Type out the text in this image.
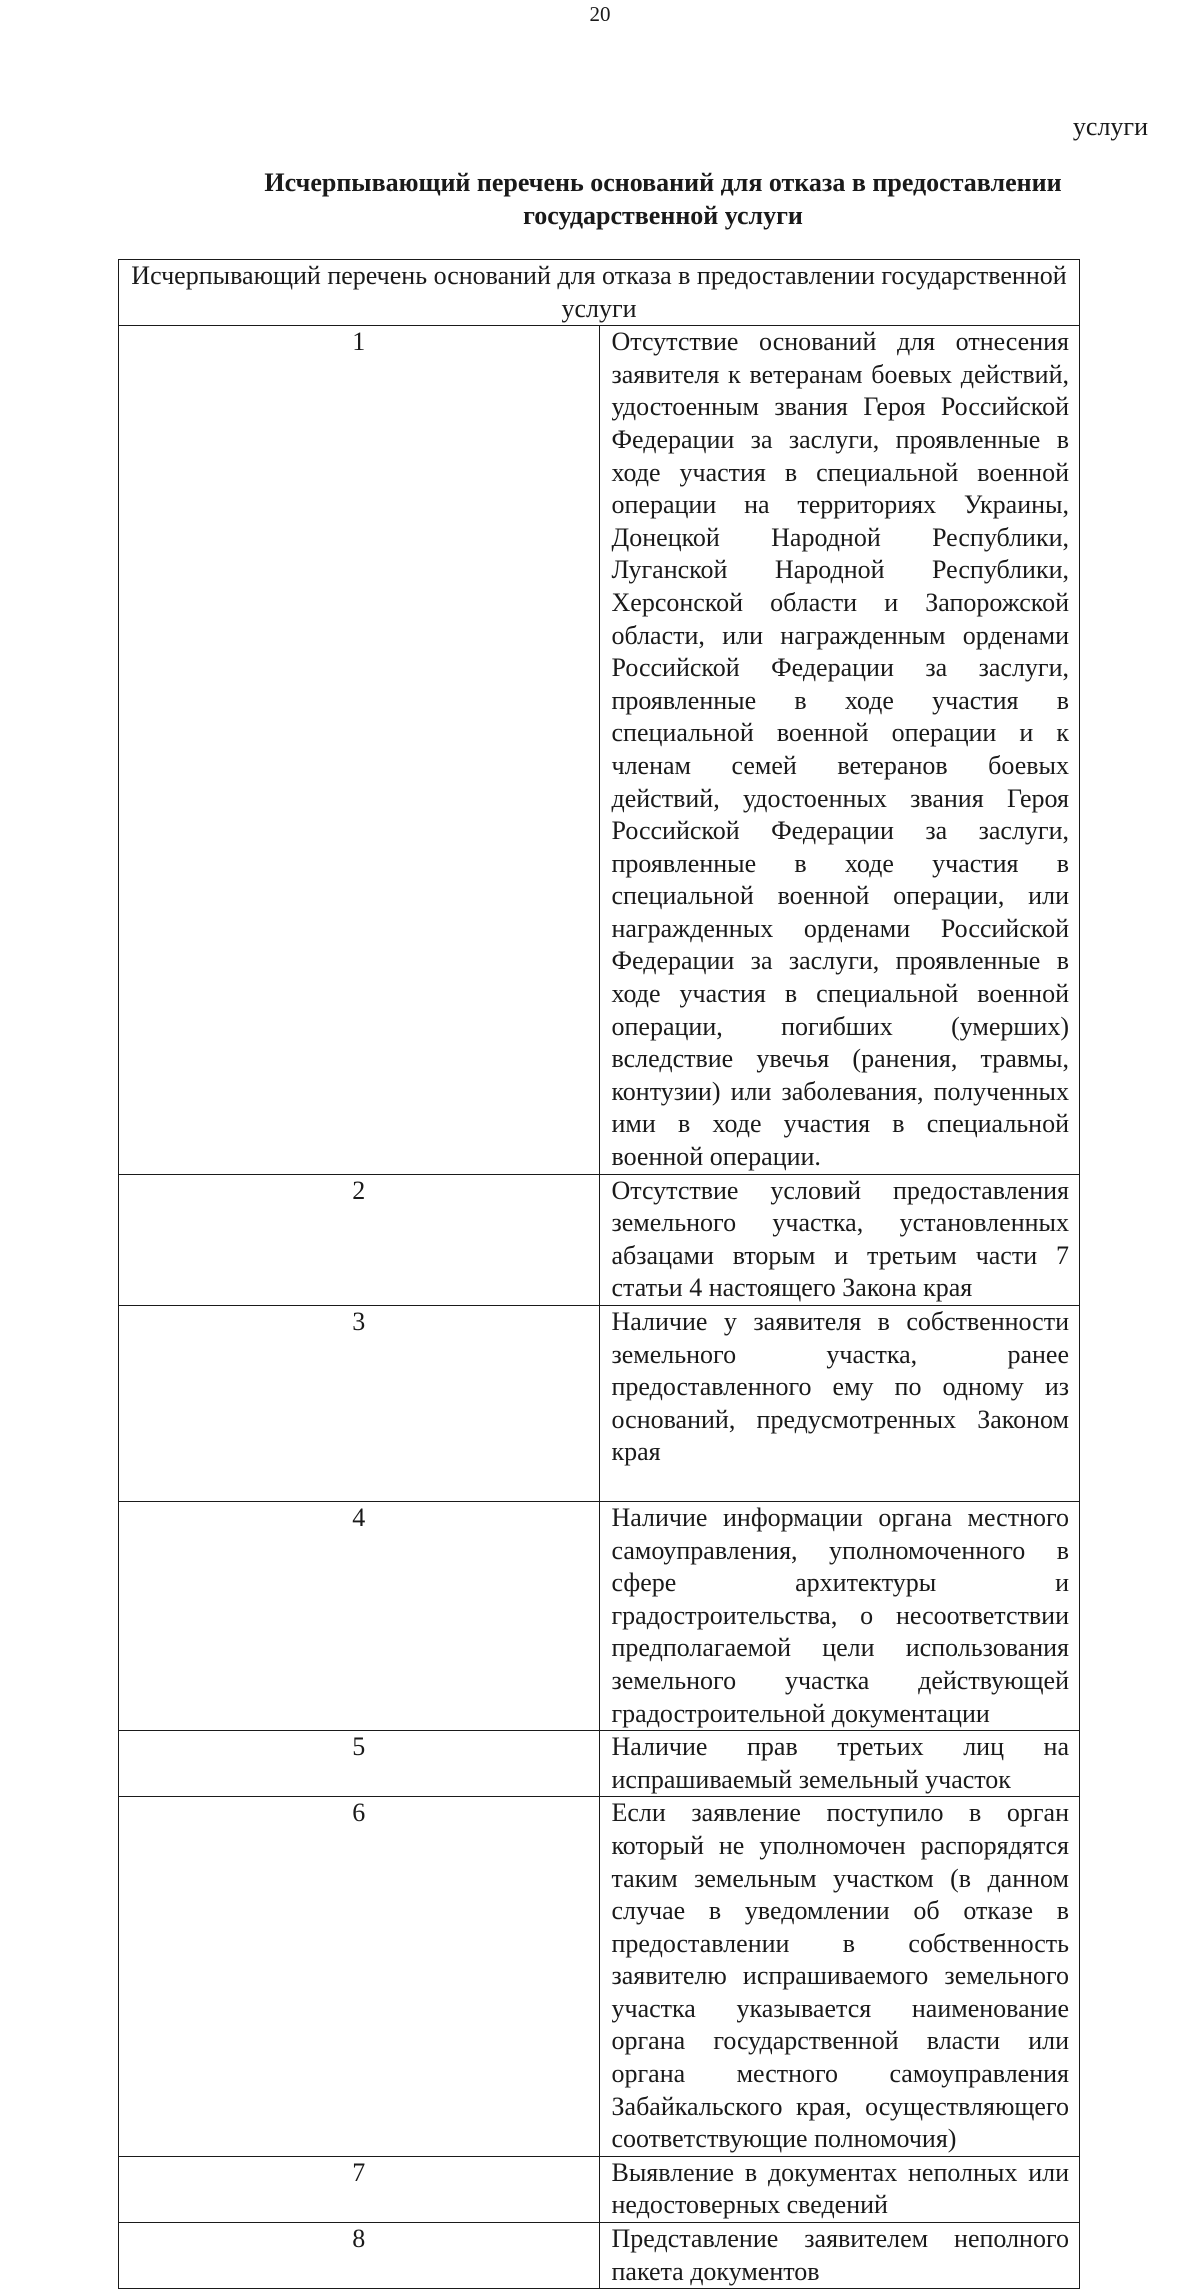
20
услуги
Исчерпывающий перечень оснований для отказа в предоставлении государственной услуги
Исчерпывающий перечень оснований для отказа в предоставлении государственной услуги	
1	Отсутствие оснований для отнесения заявителя к ветеранам боевых действий, удостоенным звания Героя Российской Федерации за заслуги, проявленные в ходе участия в специальной военной операции на территориях Украины, Донецкой Народной Республики, Луганской Народной Республики, Херсонской области и Запорожской области, или награжденным орденами Российской Федерации за заслуги, проявленные в ходе участия в специальной военной операции и к членам семей ветеранов боевых действий, удостоенных звания Героя Российской Федерации за заслуги, проявленные в ходе участия в специальной военной операции, или награжденных орденами Российской Федерации за заслуги, проявленные в ходе участия в специальной военной операции, погибших (умерших) вследствие увечья (ранения, травмы, контузии) или заболевания, полученных ими в ходе участия в специальной военной операции.
2	Отсутствие условий предоставления земельного участка, установленных абзацами вторым и третьим части 7 статьи 4 настоящего Закона края
3	Наличие у заявителя в собственности земельного участка, ранее предоставленного ему по одному из оснований, предусмотренных Законом края
4	Наличие информации органа местного самоуправления, уполномоченного в сфере архитектуры и градостроительства, о несоответствии предполагаемой цели использования земельного участка действующей градостроительной документации
5	Наличие прав третьих лиц на испрашиваемый земельный участок
6	Если заявление поступило в орган который не уполномочен распорядятся таким земельным участком (в данном случае в уведомлении об отказе в предоставлении в собственность заявителю испрашиваемого земельного участка указывается наименование органа государственной власти или органа местного самоуправления Забайкальского края, осуществляющего соответствующие полномочия)
7	Выявление в документах неполных или недостоверных сведений
8	Представление заявителем неполного пакета документов
